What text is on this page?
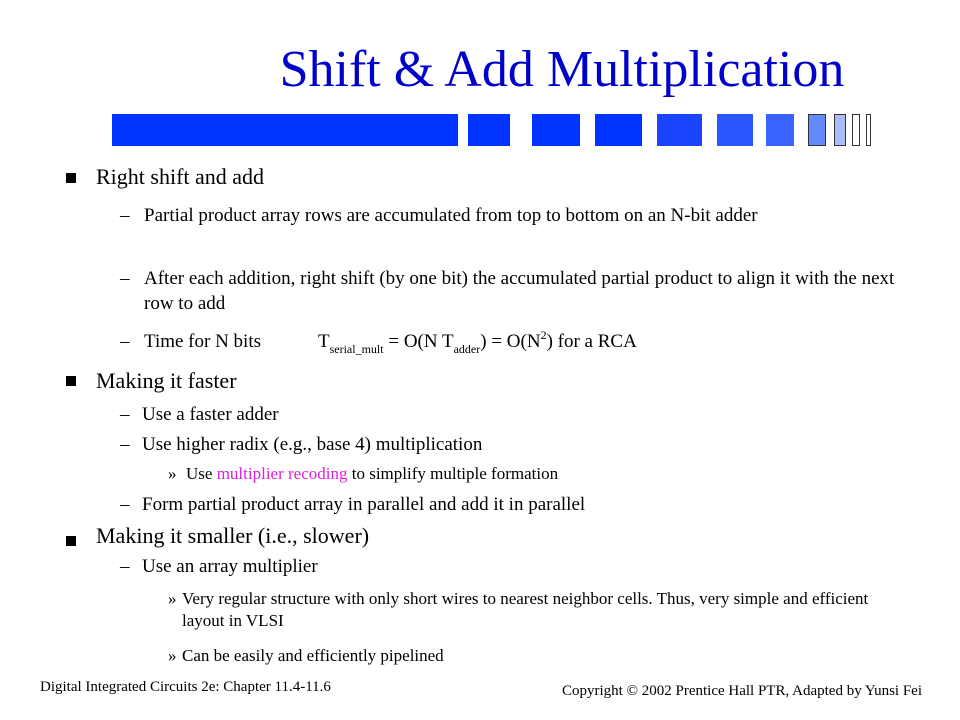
Shift & Add Multiplication
Right shift and add
– Partial product array rows are accumulated from top to bottom on an N-bit adder
– After each addition, right shift (by one bit) the accumulated partial product to align it with the next row to add
– Time for N bits	$T_{serial\_mult} = O(N$ $T_{adder}) = O(N^2)$ for a RCA
Making it faster
– Use a faster adder
– Use higher radix (e.g., base 4) multiplication
» Use multiplier recoding to simplify multiple formation
– Form partial product array in parallel and add it in parallel
Making it smaller (i.e., slower)
– Use an array multiplier
» Very regular structure with only short wires to nearest neighbor cells. Thus, very simple and efficient layout in VLSI
» Can be easily and efficiently pipelined
Digital Integrated Circuits 2e: Chapter 11.4-11.6	Copyright © 2002 Prentice Hall PTR, Adapted by Yunsi Fei
